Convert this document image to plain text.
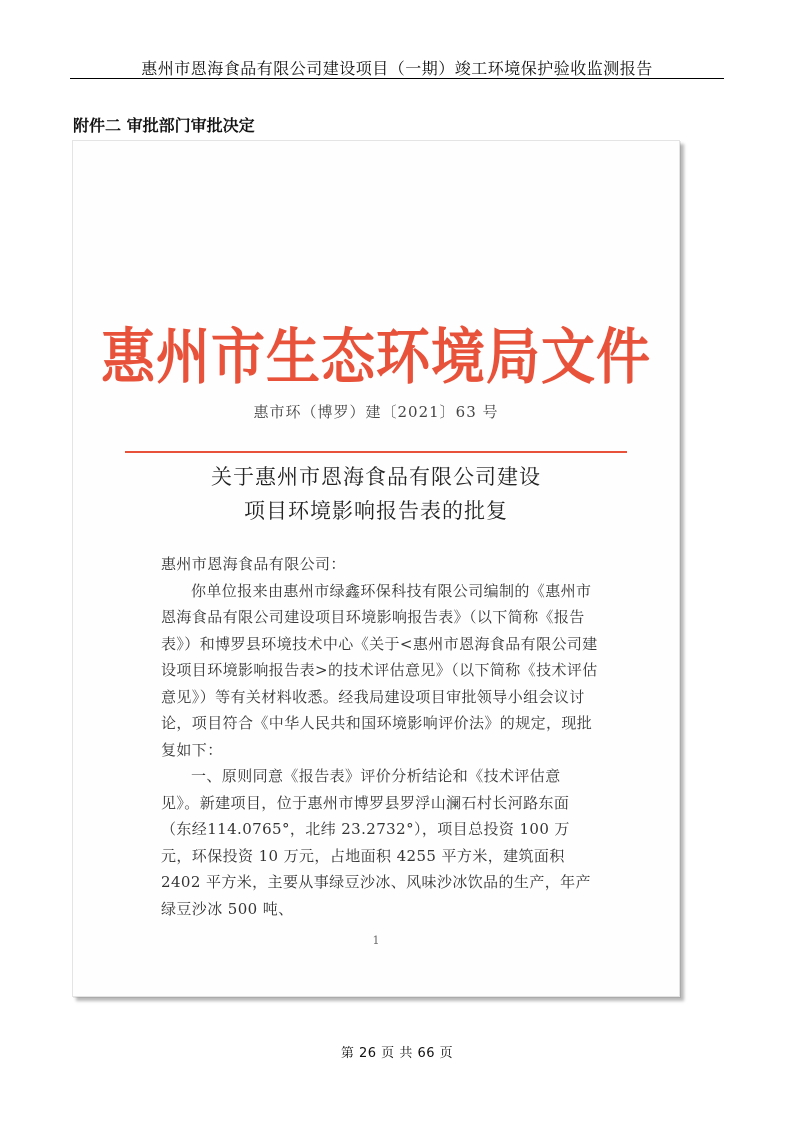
惠州市恩海食品有限公司建设项目（一期）竣工环境保护验收监测报告
附件二 审批部门审批决定
惠州市生态环境局文件
惠市环（博罗）建〔2021〕63 号
关于惠州市恩海食品有限公司建设
项目环境影响报告表的批复

惠州市恩海食品有限公司：

你单位报来由惠州市绿鑫环保科技有限公司编制的《惠州市恩海食品有限公司建设项目环境影响报告表》（以下简称《报告表》）和博罗县环境技术中心《关于<惠州市恩海食品有限公司建设项目环境影响报告表>的技术评估意见》（以下简称《技术评估意见》）等有关材料收悉。经我局建设项目审批领导小组会议讨论，项目符合《中华人民共和国环境影响评价法》的规定，现批复如下：

一、原则同意《报告表》评价分析结论和《技术评估意见》。新建项目，位于惠州市博罗县罗浮山澜石村长河路东面（东经114.0765°，北纬 23.2732°），项目总投资 100 万元，环保投资 10 万元，占地面积 4255 平方米，建筑面积 2402 平方米，主要从事绿豆沙冰、风味沙冰饮品的生产，年产绿豆沙冰 500 吨、

1
第 26 页 共 66 页
